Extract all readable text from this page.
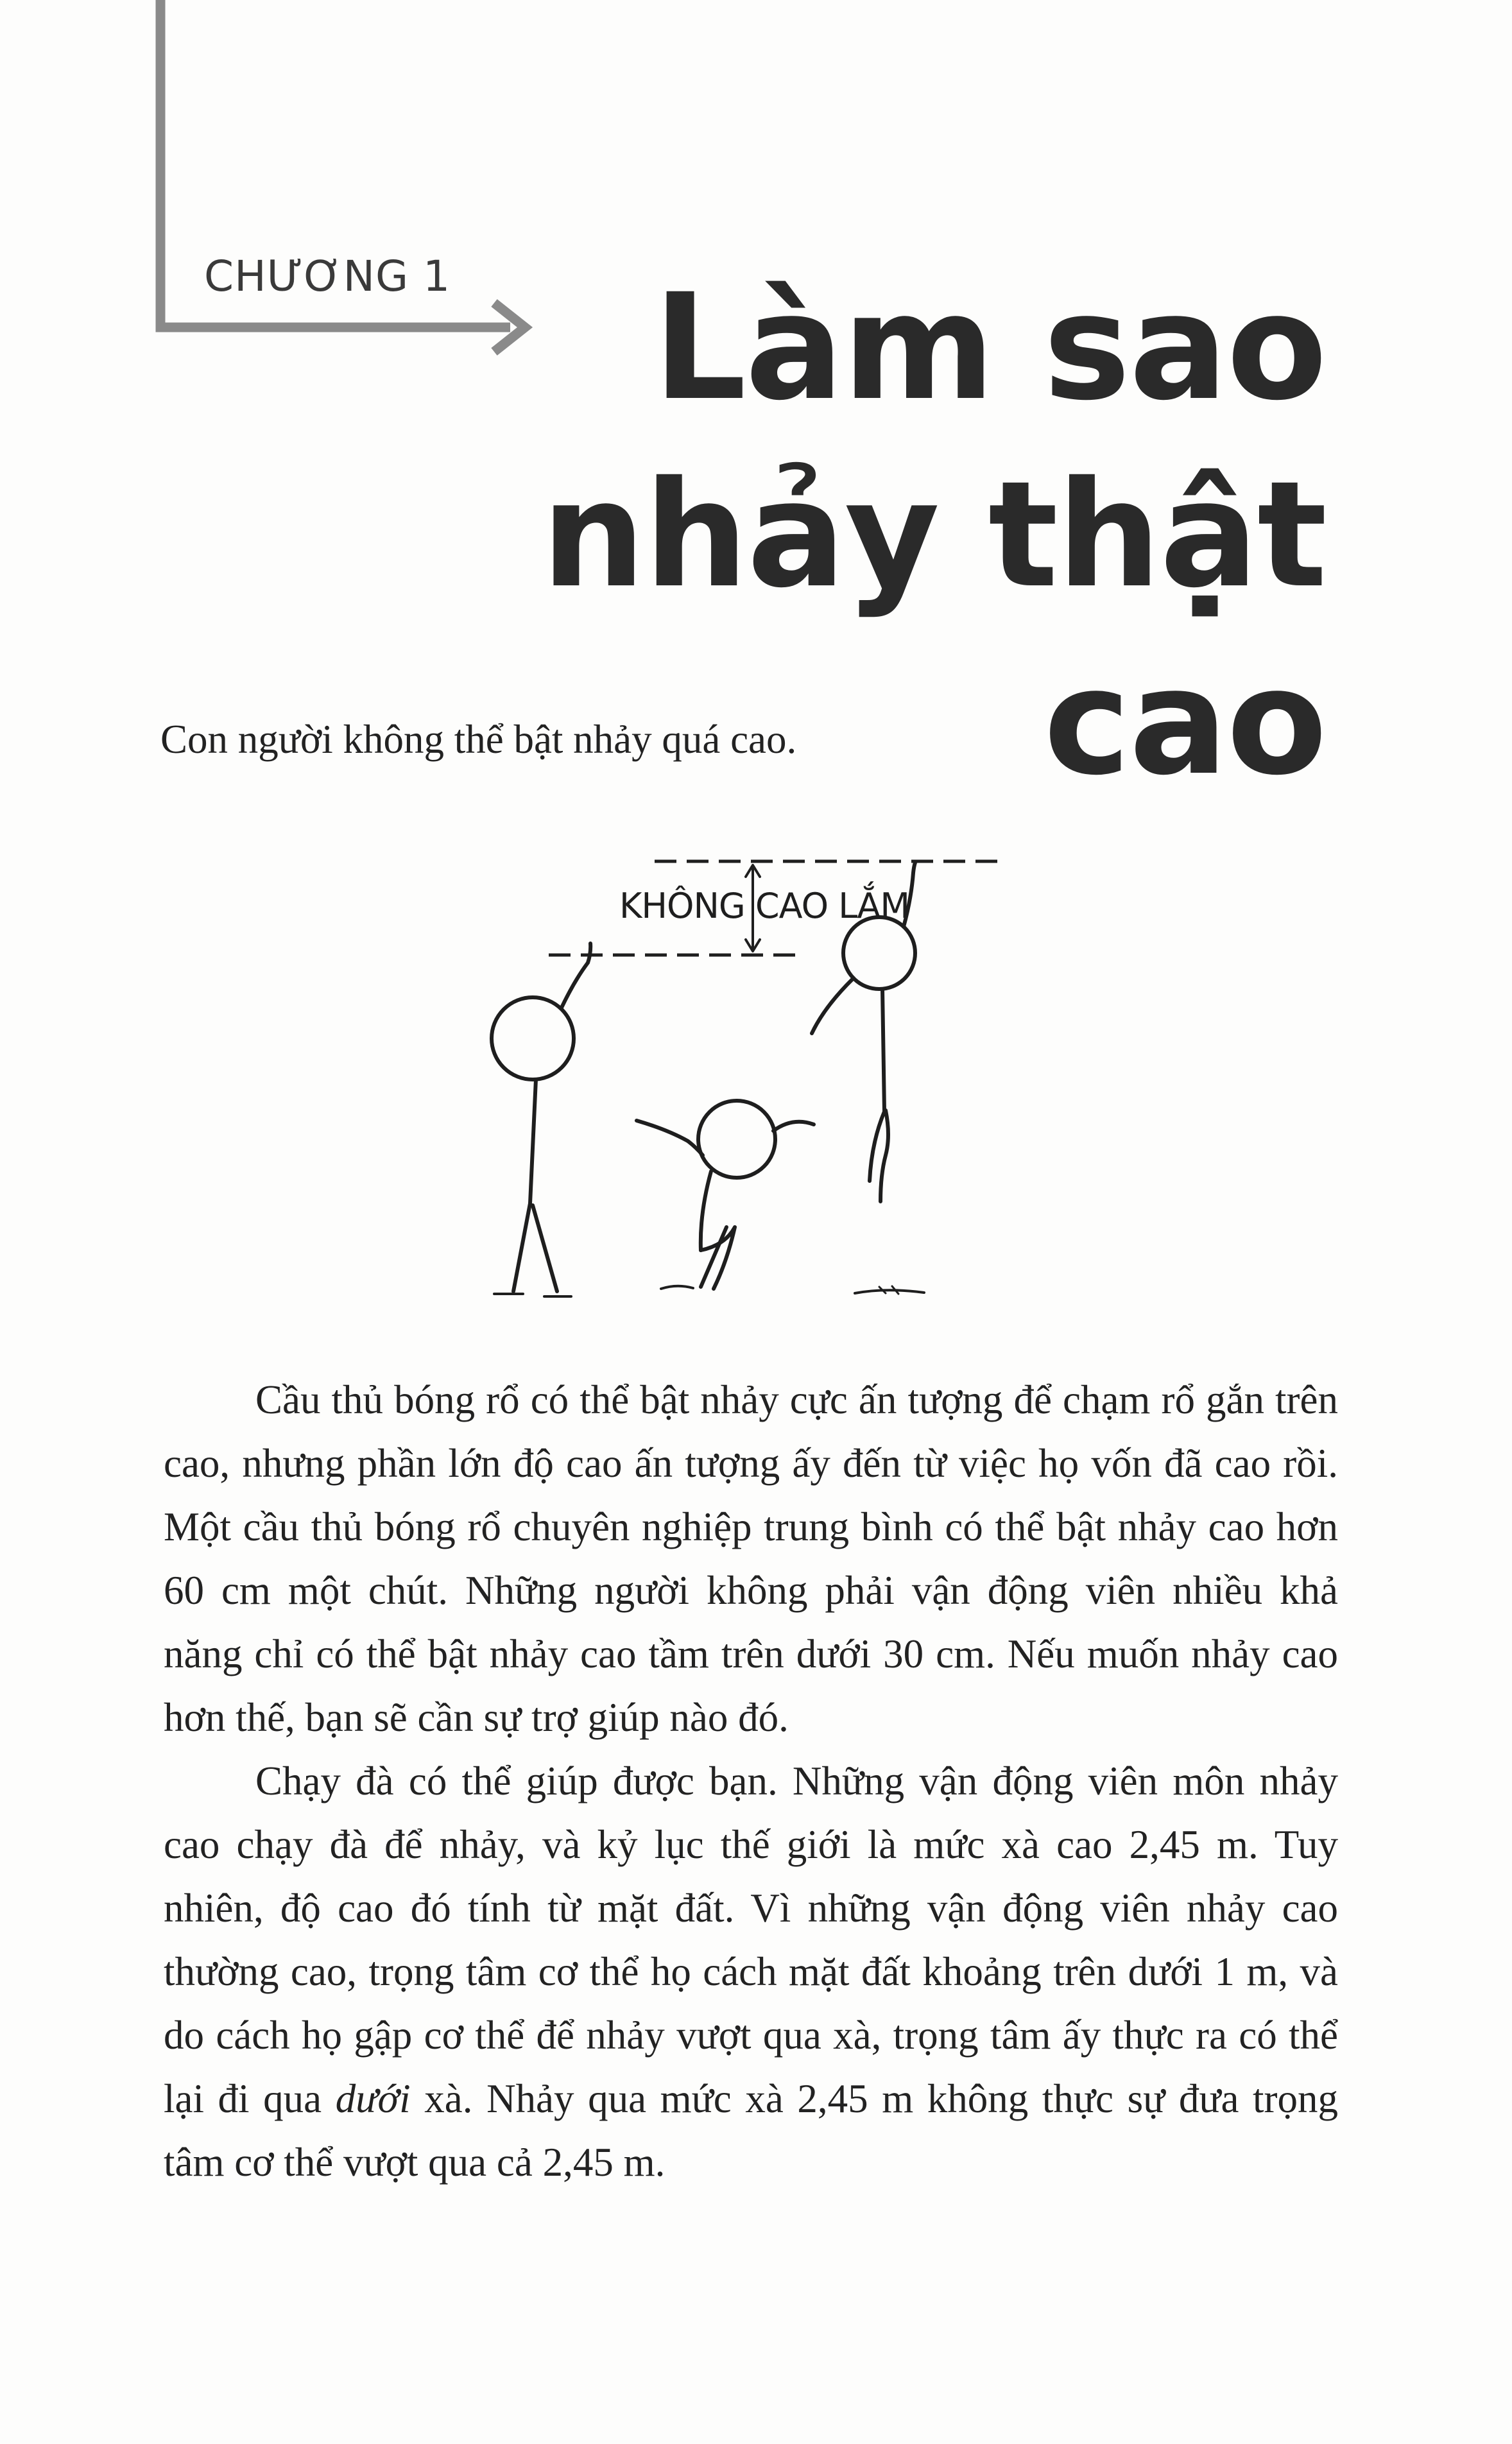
CHƯƠNG 1	Làm sao
nhảy thật cao

Con người không thể bật nhảy quá cao.

KHÔNG CAO LẮM

Cầu thủ bóng rổ có thể bật nhảy cực ấn tượng để chạm rổ gắn trên cao, nhưng phần lớn độ cao ấn tượng ấy đến từ việc họ vốn đã cao rồi. Một cầu thủ bóng rổ chuyên nghiệp trung bình có thể bật nhảy cao hơn 60 cm một chút. Những người không phải vận động viên nhiều khả năng chỉ có thể bật nhảy cao tầm trên dưới 30 cm. Nếu muốn nhảy cao hơn thế, bạn sẽ cần sự trợ giúp nào đó.

Chạy đà có thể giúp được bạn. Những vận động viên môn nhảy cao chạy đà để nhảy, và kỷ lục thế giới là mức xà cao 2,45 m. Tuy nhiên, độ cao đó tính từ mặt đất. Vì những vận động viên nhảy cao thường cao, trọng tâm cơ thể họ cách mặt đất khoảng trên dưới 1 m, và do cách họ gập cơ thể để nhảy vượt qua xà, trọng tâm ấy thực ra có thể lại đi qua dưới xà. Nhảy qua mức xà 2,45 m không thực sự đưa trọng tâm cơ thể vượt qua cả 2,45 m.
